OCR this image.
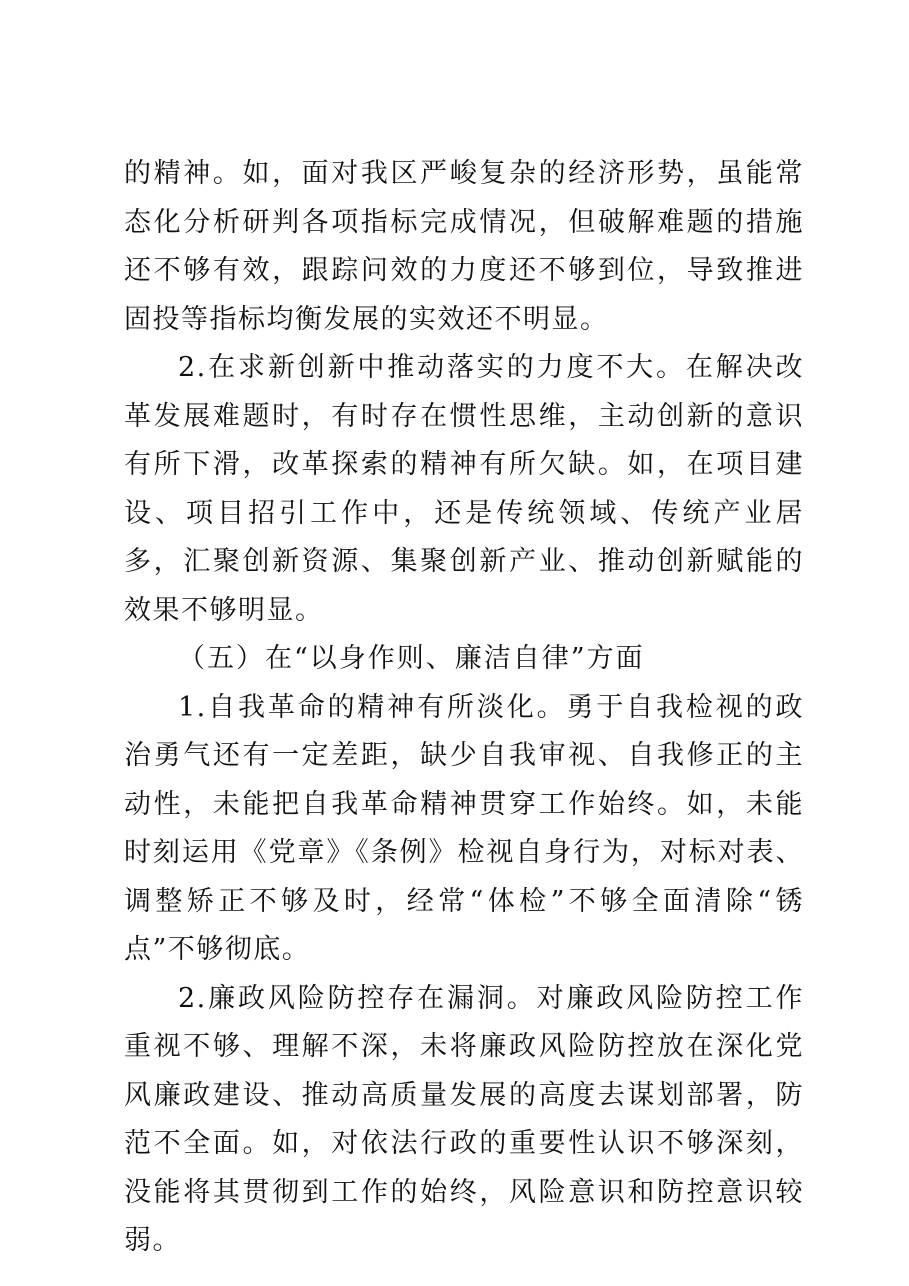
的精神。如，面对我区严峻复杂的经济形势，虽能常态化分析研判各项指标完成情况，但破解难题的措施还不够有效，跟踪问效的力度还不够到位，导致推进固投等指标均衡发展的实效还不明显。

2.在求新创新中推动落实的力度不大。在解决改革发展难题时，有时存在惯性思维，主动创新的意识有所下滑，改革探索的精神有所欠缺。如，在项目建设、项目招引工作中，还是传统领域、传统产业居多，汇聚创新资源、集聚创新产业、推动创新赋能的效果不够明显。

（五）在“以身作则、廉洁自律”方面

1.自我革命的精神有所淡化。勇于自我检视的政治勇气还有一定差距，缺少自我审视、自我修正的主动性，未能把自我革命精神贯穿工作始终。如，未能时刻运用《党章》《条例》检视自身行为，对标对表、调整矫正不够及时，经常“体检”不够全面清除“锈点”不够彻底。

2.廉政风险防控存在漏洞。对廉政风险防控工作重视不够、理解不深，未将廉政风险防控放在深化党风廉政建设、推动高质量发展的高度去谋划部署，防范不全面。如，对依法行政的重要性认识不够深刻，没能将其贯彻到工作的始终，风险意识和防控意识较弱。
